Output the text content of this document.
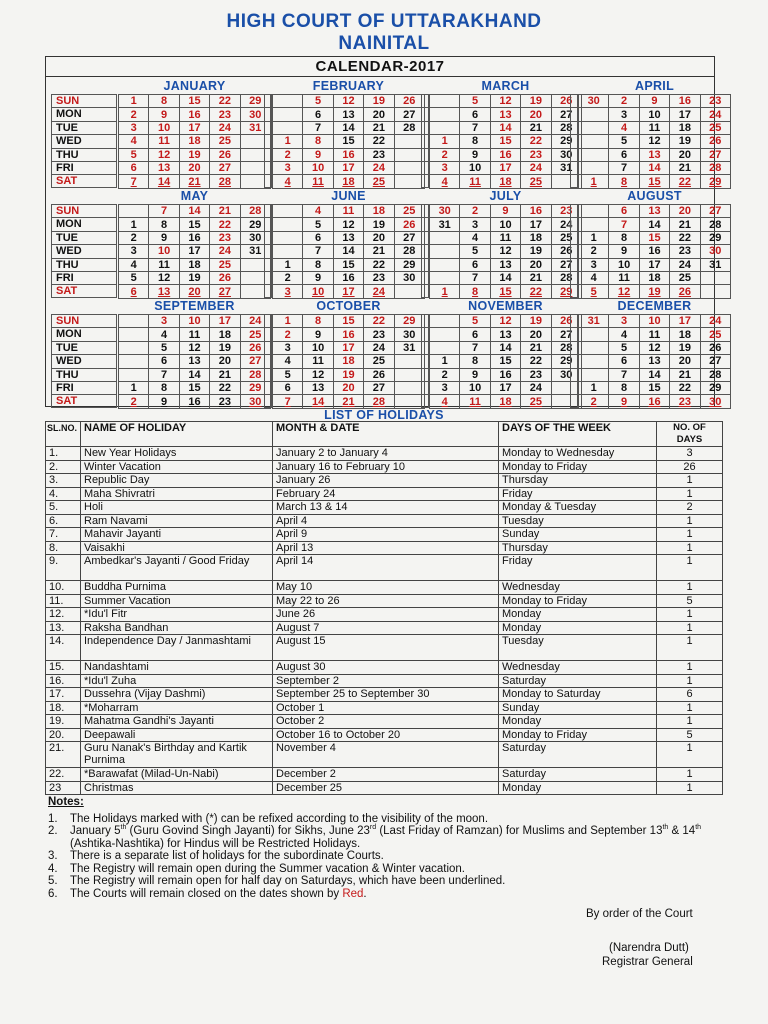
HIGH COURT OF UTTARAKHAND
NAINITAL
CALENDAR-2017
SUN
MON
TUE
WED
THU
FRI
SAT
JANUARY
1	8	15	22	29
2	9	16	23	30
3	10	17	24	31
4	11	18	25	
5	12	19	26	
6	13	20	27	
7	14	21	28	
FEBRUARY
	5	12	19	26
	6	13	20	27
	7	14	21	28
1	8	15	22	
2	9	16	23	
3	10	17	24	
4	11	18	25	
MARCH
	5	12	19	26
	6	13	20	27
	7	14	21	28
1	8	15	22	29
2	9	16	23	30
3	10	17	24	31
4	11	18	25	
APRIL
30	2	9	16	23
	3	10	17	24
	4	11	18	25
	5	12	19	26
	6	13	20	27
	7	14	21	28
1	8	15	22	29
SUN
MON
TUE
WED
THU
FRI
SAT
MAY
	7	14	21	28
1	8	15	22	29
2	9	16	23	30
3	10	17	24	31
4	11	18	25	
5	12	19	26	
6	13	20	27	
JUNE
	4	11	18	25
	5	12	19	26
	6	13	20	27
	7	14	21	28
1	8	15	22	29
2	9	16	23	30
3	10	17	24	
JULY
30	2	9	16	23
31	3	10	17	24
	4	11	18	25
	5	12	19	26
	6	13	20	27
	7	14	21	28
1	8	15	22	29
AUGUST
	6	13	20	27
	7	14	21	28
1	8	15	22	29
2	9	16	23	30
3	10	17	24	31
4	11	18	25	
5	12	19	26	
SUN
MON
TUE
WED
THU
FRI
SAT
SEPTEMBER
	3	10	17	24
	4	11	18	25
	5	12	19	26
	6	13	20	27
	7	14	21	28
1	8	15	22	29
2	9	16	23	30
OCTOBER
1	8	15	22	29
2	9	16	23	30
3	10	17	24	31
4	11	18	25	
5	12	19	26	
6	13	20	27	
7	14	21	28	
NOVEMBER
	5	12	19	26
	6	13	20	27
	7	14	21	28
1	8	15	22	29
2	9	16	23	30
3	10	17	24	
4	11	18	25	
DECEMBER
31	3	10	17	24
	4	11	18	25
	5	12	19	26
	6	13	20	27
	7	14	21	28
1	8	15	22	29
2	9	16	23	30
LIST OF HOLIDAYS
SL.NO.	NAME OF HOLIDAY	MONTH & DATE	DAYS OF THE WEEK	NO. OF DAYS
1.	New Year Holidays	January 2 to January 4	Monday to Wednesday	3
2.	Winter Vacation	January 16 to February 10	Monday to Friday	26
3.	Republic Day	January 26	Thursday	1
4.	Maha Shivratri	February 24	Friday	1
5.	Holi	March 13 & 14	Monday & Tuesday	2
6.	Ram Navami	April 4	Tuesday	1
7.	Mahavir Jayanti	April 9	Sunday	1
8.	Vaisakhi	April 13	Thursday	1
9.	Ambedkar's Jayanti / Good Friday	April 14	Friday	1
10.	Buddha Purnima	May 10	Wednesday	1
11.	Summer Vacation	May 22 to 26	Monday to Friday	5
12.	*Idu'l Fitr	June 26	Monday	1
13.	Raksha Bandhan	August 7	Monday	1
14.	Independence Day / Janmashtami	August 15	Tuesday	1
15.	Nandashtami	August 30	Wednesday	1
16.	*Idu'l Zuha	September 2	Saturday	1
17.	Dussehra (Vijay Dashmi)	September 25 to September 30	Monday to Saturday	6
18.	*Moharram	October 1	Sunday	1
19.	Mahatma Gandhi's Jayanti	October 2	Monday	1
20.	Deepawali	October 16 to October 20	Monday to Friday	5
21.	Guru Nanak's Birthday and Kartik Purnima	November 4	Saturday	1
22.	*Barawafat (Milad-Un-Nabi)	December 2	Saturday	1
23	Christmas	December 25	Monday	1
Notes:
1.	The Holidays marked with (*) can be refixed according to the visibility of the moon.
2.	January 5th (Guru Govind Singh Jayanti) for Sikhs, June 23rd (Last Friday of Ramzan) for Muslims and September 13th & 14th (Ashtika-Nashtika) for Hindus will be Restricted Holidays.
3.	There is a separate list of holidays for the subordinate Courts.
4.	The Registry will remain open during the Summer vacation & Winter vacation.
5.	The Registry will remain open for half day on Saturdays, which have been underlined.
6.	The Courts will remain closed on the dates shown by Red.
By order of the Court
(Narendra Dutt)
Registrar General
